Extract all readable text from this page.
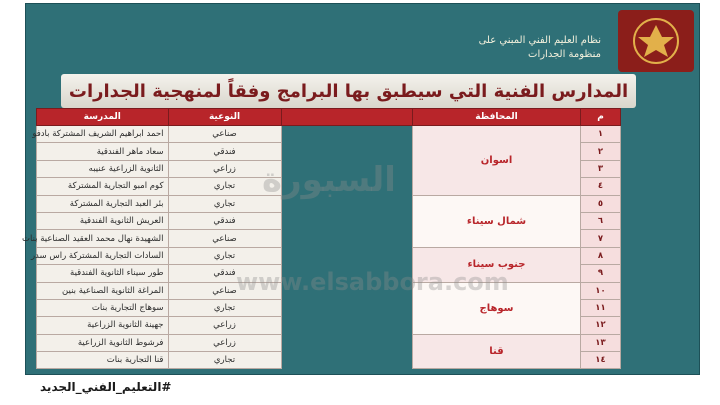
نظام العليم الفني المبني على
منظومة الجدارات
المدارس الفنية التي سيطبق بها البرامج وفقاً لمنهجية الجدارات
م	المحافظة		النوعية	المدرسة
١	اسوان		صناعي	احمد ابراهيم الشريف المشتركة بادفو
٢			فندقي	سعاد ماهر الفندقية
٣			زراعي	الثانوية الزراعية عنيبه
٤			تجاري	كوم امبو التجارية المشتركة
٥	شمال سيناء		تجاري	بئر العبد التجارية المشتركة
٦			فندقي	العريش الثانوية الفندقية
٧			صناعي	الشهيدة نهال محمد العقيد الصناعية بنات
٨	جنوب سيناء		تجاري	السادات التجارية المشتركة راس سدر
٩			فندقي	طور سيناء الثانوية الفندقية
١٠	سوهاج		صناعي	المراغة الثانوية الصناعية بنين
١١			تجاري	سوهاج التجارية بنات
١٢			زراعي	جهينة الثانوية الزراعية
١٣	قنا		زراعي	فرشوط الثانوية الزراعية
١٤			تجاري	قنا التجارية بنات
السبورة
www.elsabbora.com
#التعليم_الفني_الجديد
